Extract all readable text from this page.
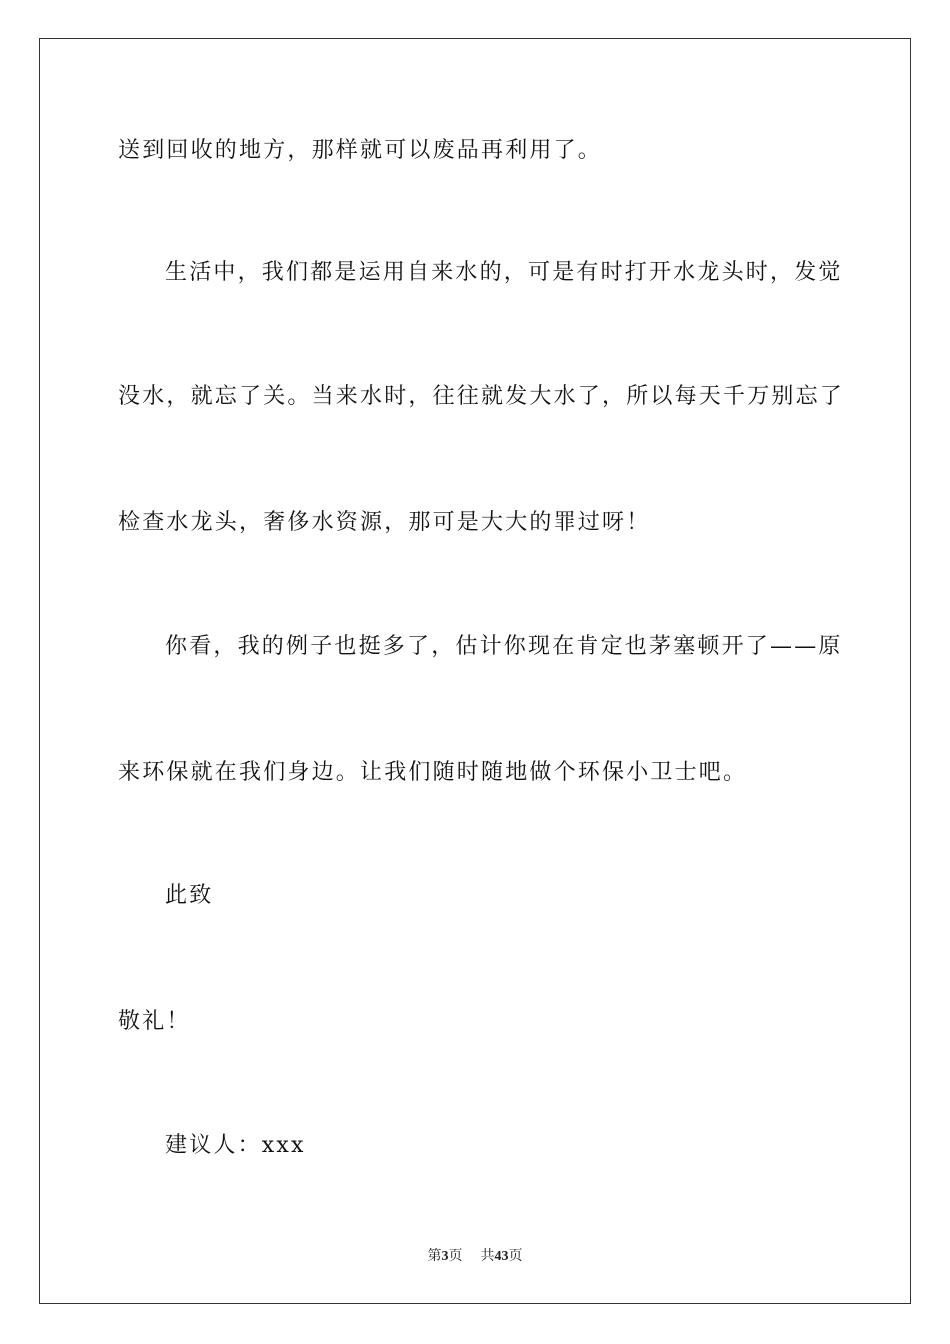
送到回收的地方，那样就可以废品再利用了。
生活中，我们都是运用自来水的，可是有时打开水龙头时，发觉
没水，就忘了关。当来水时，往往就发大水了，所以每天千万别忘了
检查水龙头，奢侈水资源，那可是大大的罪过呀！
你看，我的例子也挺多了，估计你现在肯定也茅塞顿开了——原
来环保就在我们身边。让我们随时随地做个环保小卫士吧。
此致
敬礼！
建议人：xxx
第3页 共43页
